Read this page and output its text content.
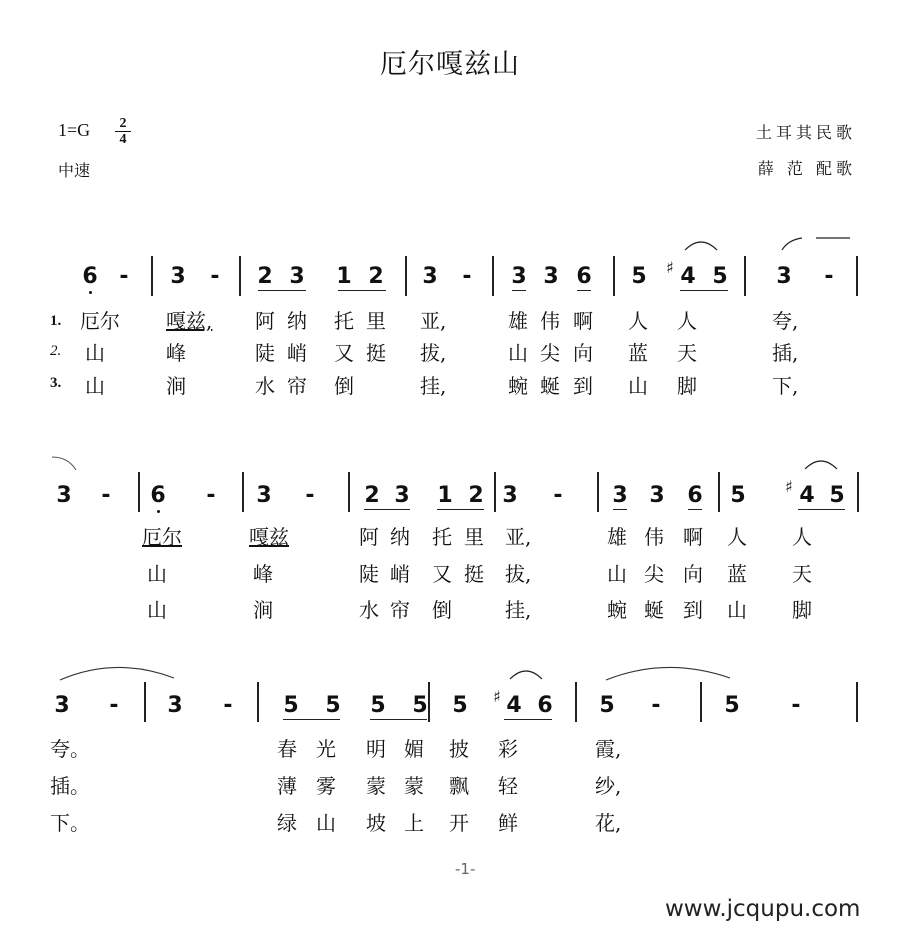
厄尔嘎兹山
$1=G \frac{2}{4}$
中速
土耳其民歌
薛 范 配歌
6 - 3 - 2 3 1 2 3 - 3 3 6 5 ♯ 4 5 3 -
1.
2.
3.
厄尔 嘎兹, 阿 纳 托 里 亚,	雄 伟 啊 人 人	夸,
山	峰	陡 峭 又 挺 拔,	山 尖 向 蓝 天	插,
山	涧	水 帘 倒	挂,	蜿 蜒 到 山 脚	下,
3 - 6 - 3 - 2 3 1 2 3 - 3 3 6 5 ♯ 4 5
厄尔	嘎兹	阿 纳 托 里 亚,	雄 伟 啊 人 人
山	峰	陡 峭 又 挺 拔,	山 尖 向 蓝 天
山	涧	水 帘 倒	挂,	蜿 蜒 到 山 脚
3 - 3 - 5 5 5 5 5 ♯ 4 6 5 -	5 -
夸。	春 光 明 媚 披 彩	霞,
插。	薄 雾 蒙 蒙 飘 轻	纱,
下。	绿 山 坡 上 开 鲜	花,
-1-
www.jcqupu.com
